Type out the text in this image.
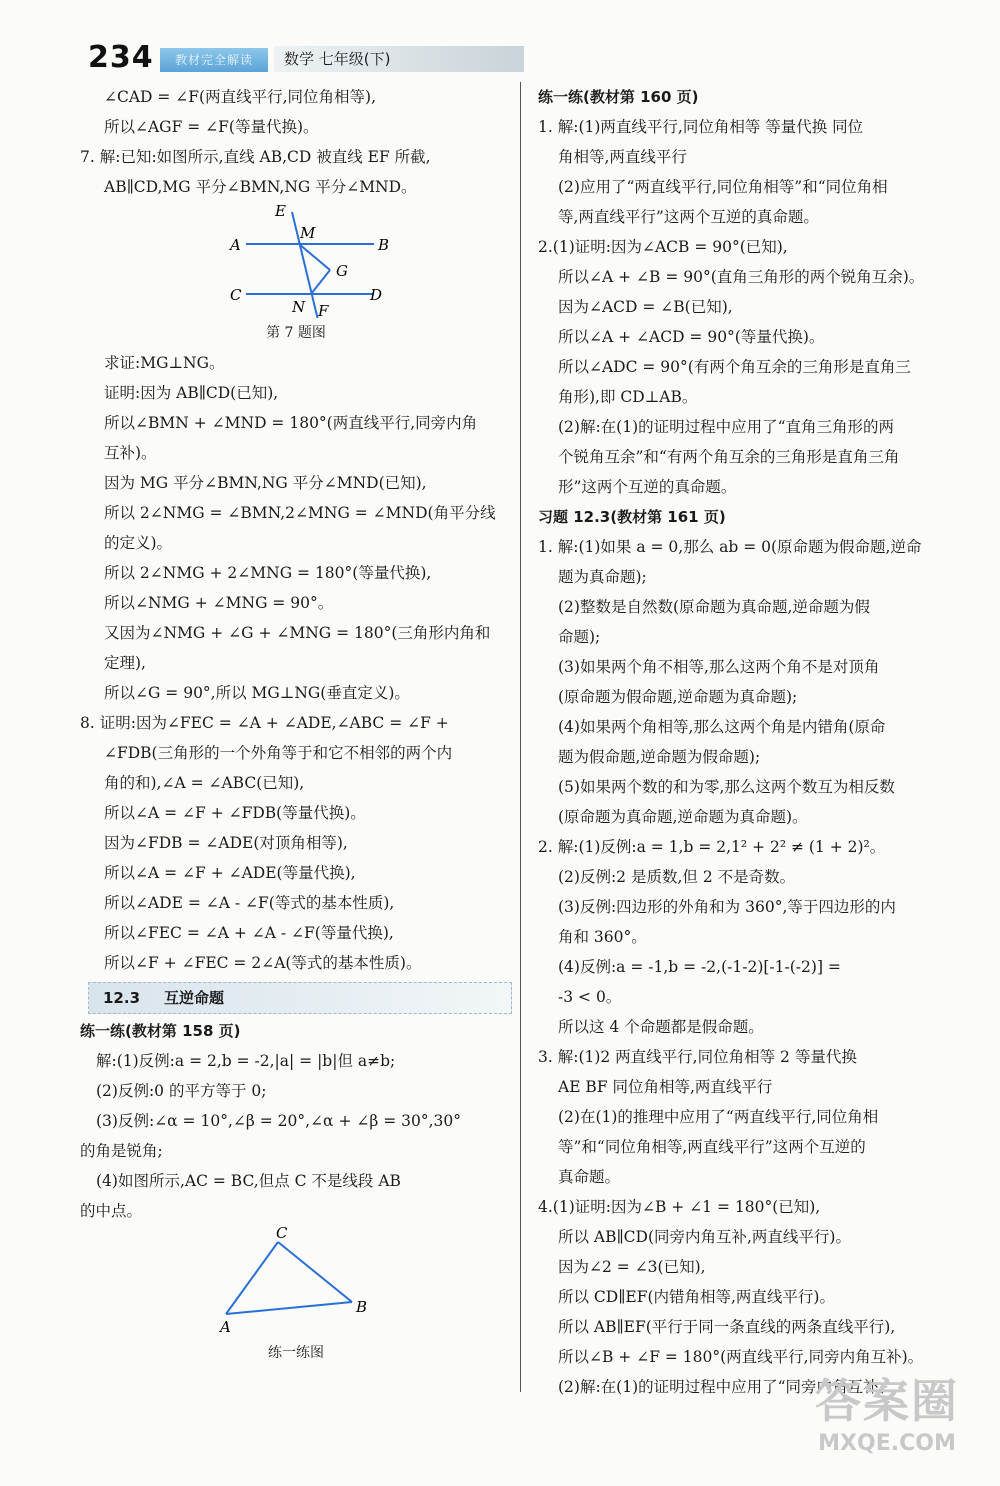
234	教材完全解读	数学 七年级(下)
∠CAD = ∠F(两直线平行,同位角相等),
所以∠AGF = ∠F(等量代换)。
7. 解:已知:如图所示,直线 AB,CD 被直线 EF 所截,
AB∥CD,MG 平分∠BMN,NG 平分∠MND。
E
M
A	B
G
C	D
N F
第 7 题图
求证:MG⊥NG。
证明:因为 AB∥CD(已知),
所以∠BMN + ∠MND = 180°(两直线平行,同旁内角
互补)。
因为 MG 平分∠BMN,NG 平分∠MND(已知),
所以 2∠NMG = ∠BMN,2∠MNG = ∠MND(角平分线
的定义)。
所以 2∠NMG + 2∠MNG = 180°(等量代换),
所以∠NMG + ∠MNG = 90°。
又因为∠NMG + ∠G + ∠MNG = 180°(三角形内角和
定理),
所以∠G = 90°,所以 MG⊥NG(垂直定义)。
8. 证明:因为∠FEC = ∠A + ∠ADE,∠ABC = ∠F +
∠FDB(三角形的一个外角等于和它不相邻的两个内
角的和),∠A = ∠ABC(已知),
所以∠A = ∠F + ∠FDB(等量代换)。
因为∠FDB = ∠ADE(对顶角相等),
所以∠A = ∠F + ∠ADE(等量代换),
所以∠ADE = ∠A - ∠F(等式的基本性质),
所以∠FEC = ∠A + ∠A - ∠F(等量代换),
所以∠F + ∠FEC = 2∠A(等式的基本性质)。
12.3 互逆命题
练一练(教材第 158 页)
解:(1)反例:a = 2,b = -2,|a| = |b|但 a≠b;
(2)反例:0 的平方等于 0;
(3)反例:∠α = 10°,∠β = 20°,∠α + ∠β = 30°,30°
的角是锐角;
(4)如图所示,AC = BC,但点 C 不是线段 AB
的中点。
C
A
B
练一练图
练一练(教材第 160 页)
1. 解:(1)两直线平行,同位角相等 等量代换 同位
角相等,两直线平行
(2)应用了“两直线平行,同位角相等”和“同位角相
等,两直线平行”这两个互逆的真命题。
2.(1)证明:因为∠ACB = 90°(已知),
所以∠A + ∠B = 90°(直角三角形的两个锐角互余)。
因为∠ACD = ∠B(已知),
所以∠A + ∠ACD = 90°(等量代换)。
所以∠ADC = 90°(有两个角互余的三角形是直角三
角形),即 CD⊥AB。
(2)解:在(1)的证明过程中应用了“直角三角形的两
个锐角互余”和“有两个角互余的三角形是直角三角
形”这两个互逆的真命题。
习题 12.3(教材第 161 页)
1. 解:(1)如果 a = 0,那么 ab = 0(原命题为假命题,逆命
题为真命题);
(2)整数是自然数(原命题为真命题,逆命题为假
命题);
(3)如果两个角不相等,那么这两个角不是对顶角
(原命题为假命题,逆命题为真命题);
(4)如果两个角相等,那么这两个角是内错角(原命
题为假命题,逆命题为假命题);
(5)如果两个数的和为零,那么这两个数互为相反数
(原命题为真命题,逆命题为真命题)。
2. 解:(1)反例:a = 1,b = 2,1² + 2² ≠ (1 + 2)²。
(2)反例:2 是质数,但 2 不是奇数。
(3)反例:四边形的外角和为 360°,等于四边形的内
角和 360°。
(4)反例:a = -1,b = -2,(-1-2)[-1-(-2)] =
-3 < 0。
所以这 4 个命题都是假命题。
3. 解:(1)2 两直线平行,同位角相等 2 等量代换
AE BF 同位角相等,两直线平行
(2)在(1)的推理中应用了“两直线平行,同位角相
等”和“同位角相等,两直线平行”这两个互逆的
真命题。
4.(1)证明:因为∠B + ∠1 = 180°(已知),
所以 AB∥CD(同旁内角互补,两直线平行)。
因为∠2 = ∠3(已知),
所以 CD∥EF(内错角相等,两直线平行)。
所以 AB∥EF(平行于同一条直线的两条直线平行),
所以∠B + ∠F = 180°(两直线平行,同旁内角互补)。
(2)解:在(1)的证明过程中应用了“同旁内角互补、
答案圈
MXQE.COM
